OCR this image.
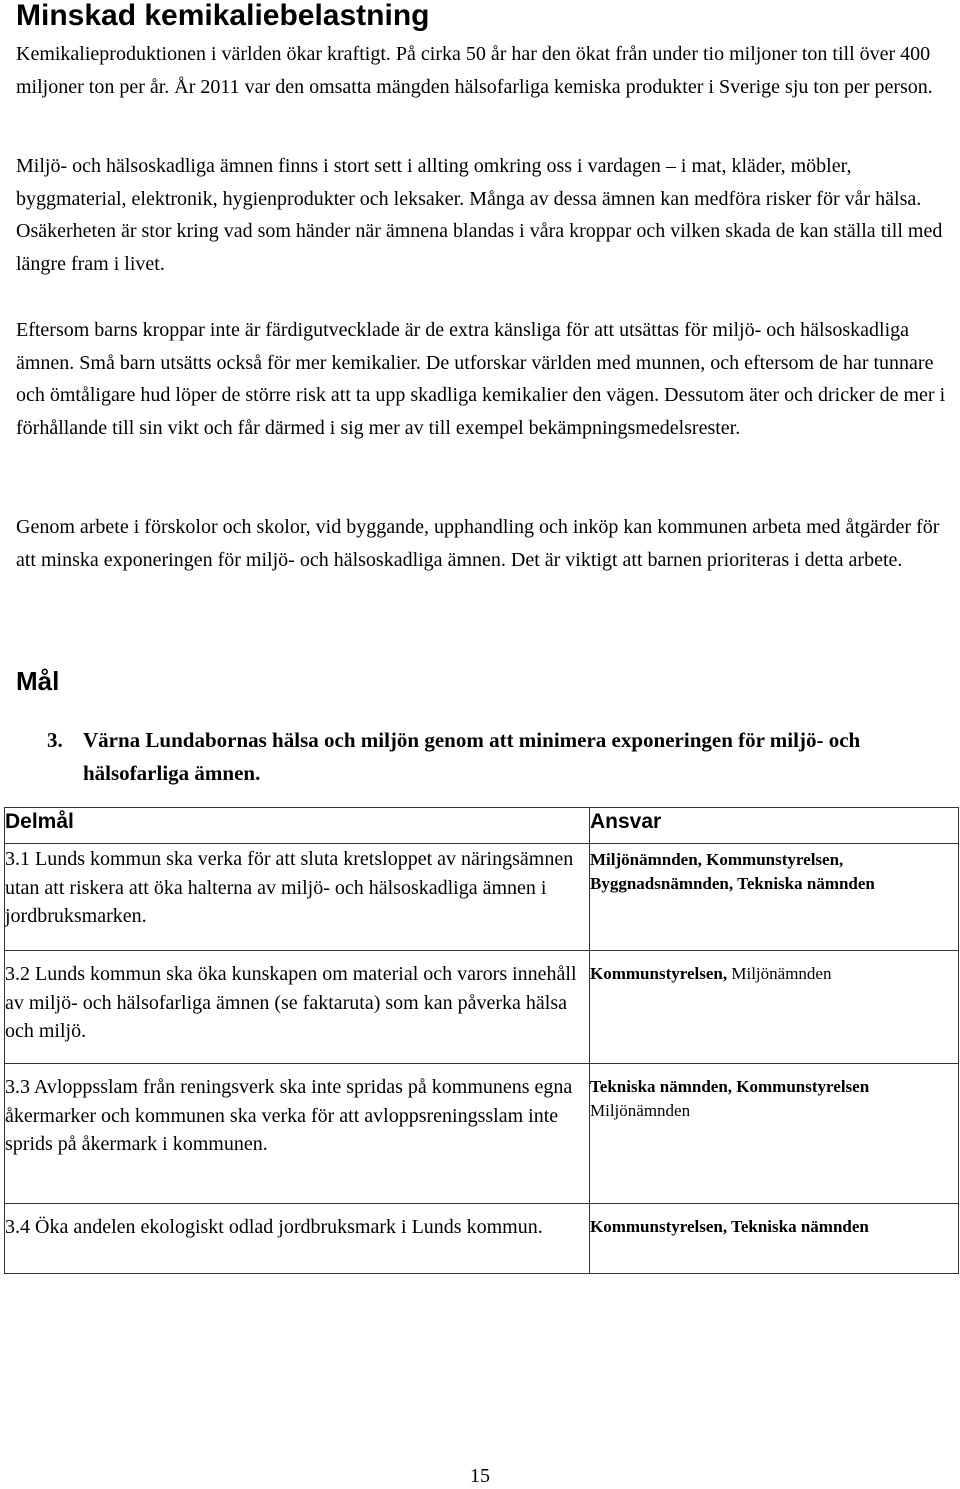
Minskad kemikaliebelastning

Kemikalieproduktionen i världen ökar kraftigt. På cirka 50 år har den ökat från under tio miljoner ton till över 400 miljoner ton per år. År 2011 var den omsatta mängden hälsofarliga kemiska produkter i Sverige sju ton per person.

Miljö- och hälsoskadliga ämnen finns i stort sett i allting omkring oss i vardagen – i mat, kläder, möbler, byggmaterial, elektronik, hygienprodukter och leksaker. Många av dessa ämnen kan medföra risker för vår hälsa. Osäkerheten är stor kring vad som händer när ämnena blandas i våra kroppar och vilken skada de kan ställa till med längre fram i livet.

Eftersom barns kroppar inte är färdigutvecklade är de extra känsliga för att utsättas för miljö- och hälsoskadliga ämnen. Små barn utsätts också för mer kemikalier. De utforskar världen med munnen, och eftersom de har tunnare och ömtåligare hud löper de större risk att ta upp skadliga kemikalier den vägen. Dessutom äter och dricker de mer i förhållande till sin vikt och får därmed i sig mer av till exempel bekämpningsmedelsrester.

Genom arbete i förskolor och skolor, vid byggande, upphandling och inköp kan kommunen arbeta med åtgärder för att minska exponeringen för miljö- och hälsoskadliga ämnen. Det är viktigt att barnen prioriteras i detta arbete.

Mål
3. Värna Lundabornas hälsa och miljön genom att minimera exponeringen för miljö- och hälsofarliga ämnen.
Delmål	Ansvar
3.1 Lunds kommun ska verka för att sluta kretsloppet av näringsämnen utan att riskera att öka halterna av miljö- och hälsoskadliga ämnen i jordbruksmarken.	Miljönämnden, Kommunstyrelsen, Byggnadsnämnden, Tekniska nämnden
3.2 Lunds kommun ska öka kunskapen om material och varors innehåll av miljö- och hälsofarliga ämnen (se faktaruta) som kan påverka hälsa och miljö.	Kommunstyrelsen, Miljönämnden
3.3 Avloppsslam från reningsverk ska inte spridas på kommunens egna åkermarker och kommunen ska verka för att avloppsreningsslam inte sprids på åkermark i kommunen.	Tekniska nämnden, Kommunstyrelsen
Miljönämnden

3.4 Öka andelen ekologiskt odlad jordbruksmark i Lunds kommun.	Kommunstyrelsen, Tekniska nämnden
15
